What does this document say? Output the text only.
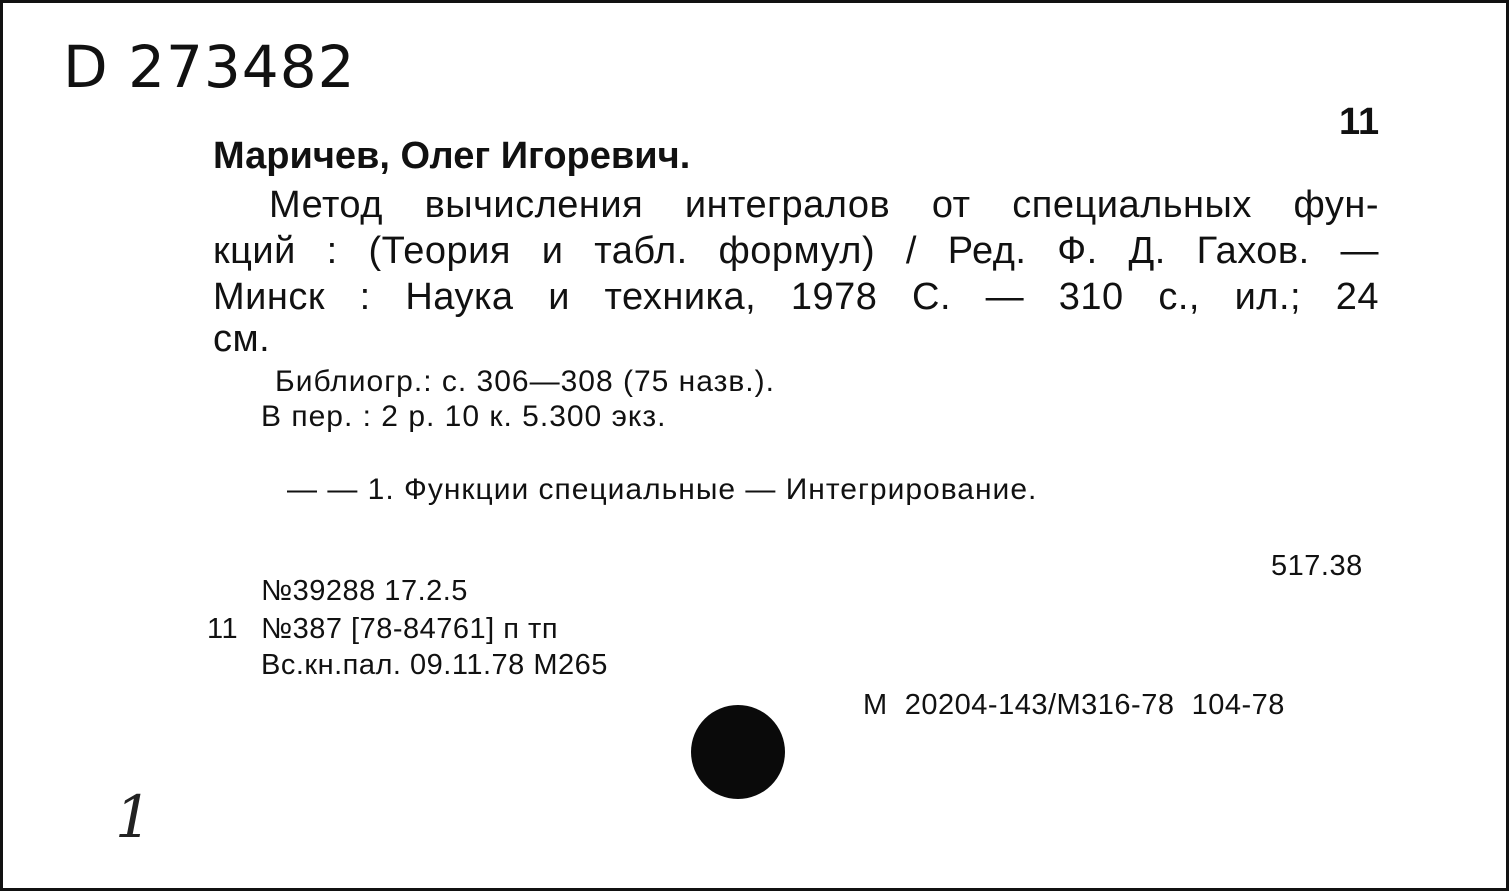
D 273482
11
Маричев, Олег Игоревич.
Метод вычисления интегралов от специальных фун-
кций : (Теория и табл. формул) / Ред. Ф. Д. Гахов. —
Минск : Наука и техника, 1978 С. — 310 с., ил.; 24
см.
Библиогр.: с. 306—308 (75 назв.).
В пер. : 2 р. 10 к. 5.300 экз.
— — 1. Функции специальные — Интегрирование.
517.38
№39288 17.2.5
11 №387 [78-84761] п тп
Вс.кн.пал. 09.11.78 М265
М  20204-143/М316-78  104-78
1
